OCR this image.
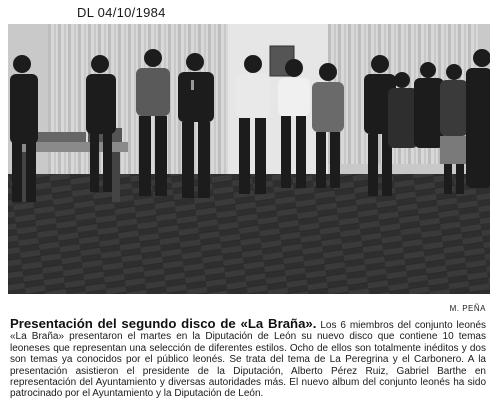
DL 04/10/1984
M. PEÑA
Presentación del segundo disco de «La Braña». Los 6 miembros del conjunto leonés «La Braña» presentaron el martes en la Diputación de León su nuevo disco que contiene 10 temas leoneses que representan una selección de diferentes estilos. Ocho de ellos son totalmente inéditos y dos son temas ya conocidos por el público leonés. Se trata del tema de La Peregrina y el Carbonero. A la presentación asistieron el presidente de la Diputación, Alberto Pérez Ruiz, Gabriel Barthe en representación del Ayuntamiento y diversas autoridades más. El nuevo album del conjunto leonés ha sido patrocinado por el Ayuntamiento y la Diputación de León.
